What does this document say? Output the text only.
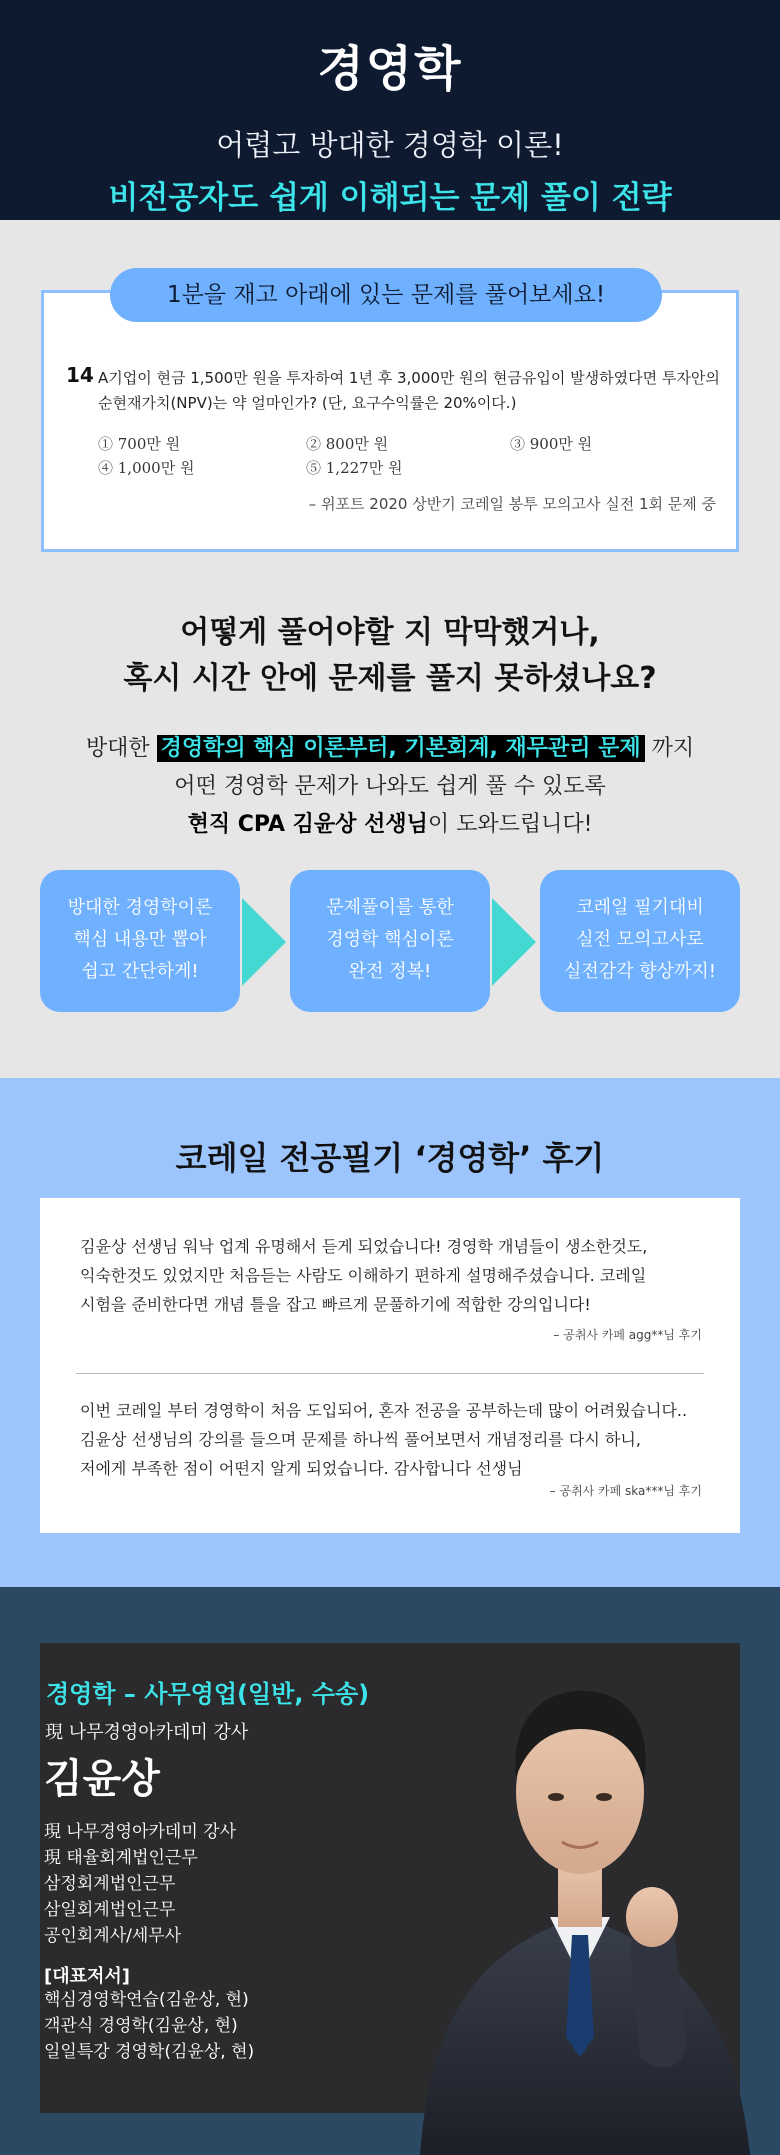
경영학
어렵고 방대한 경영학 이론!
비전공자도 쉽게 이해되는 문제 풀이 전략
14 A기업이 현금 1,500만 원을 투자하여 1년 후 3,000만 원의 현금유입이 발생하였다면 투자안의 순현재가치(NPV)는 약 얼마인가? (단, 요구수익률은 20%이다.)
① 700만 원	② 800만 원	③ 900만 원
④ 1,000만 원	⑤ 1,227만 원
– 위포트 2020 상반기 코레일 봉투 모의고사 실전 1회 문제 중
1분을 재고 아래에 있는 문제를 풀어보세요!
어떻게 풀어야할 지 막막했거나,
혹시 시간 안에 문제를 풀지 못하셨나요?
방대한 경영학의 핵심 이론부터, 기본회계, 재무관리 문제 까지
어떤 경영학 문제가 나와도 쉽게 풀 수 있도록
현직 CPA 김윤상 선생님이 도와드립니다!
방대한 경영학이론
핵심 내용만 뽑아
쉽고 간단하게!
문제풀이를 통한
경영학 핵심이론
완전 정복!
코레일 필기대비
실전 모의고사로
실전감각 향상까지!
코레일 전공필기 ‘경영학’ 후기
김윤상 선생님 워낙 업계 유명해서 듣게 되었습니다! 경영학 개념들이 생소한것도,
익숙한것도 있었지만 처음듣는 사람도 이해하기 편하게 설명해주셨습니다. 코레일
시험을 준비한다면 개념 틀을 잡고 빠르게 문풀하기에 적합한 강의입니다!
– 공취사 카페 agg**님 후기
이번 코레일 부터 경영학이 처음 도입되어, 혼자 전공을 공부하는데 많이 어려웠습니다..
김윤상 선생님의 강의를 들으며 문제를 하나씩 풀어보면서 개념정리를 다시 하니,
저에게 부족한 점이 어떤지 알게 되었습니다. 감사합니다 선생님
– 공취사 카페 ska***님 후기
경영학 – 사무영업(일반, 수송)
現 나무경영아카데미 강사
김윤상
現 나무경영아카데미 강사
現 태율회계법인근무
삼정회계법인근무
삼일회계법인근무
공인회계사/세무사
[대표저서]
핵심경영학연습(김윤상, 현)
객관식 경영학(김윤상, 현)
일일특강 경영학(김윤상, 현)
